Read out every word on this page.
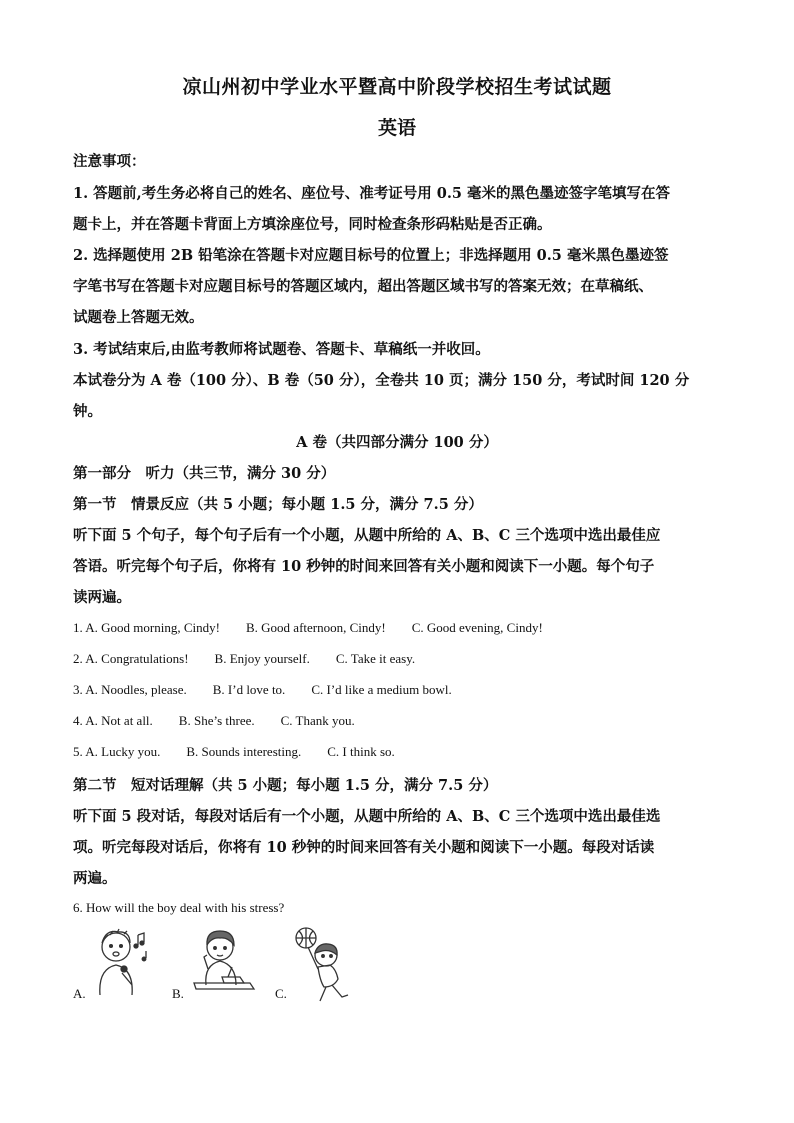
凉山州初中学业水平暨高中阶段学校招生考试试题
英语
注意事项：
1. 答题前,考生务必将自己的姓名、座位号、准考证号用 0.5 毫米的黑色墨迹签字笔填写在答
题卡上，并在答题卡背面上方填涂座位号，同时检查条形码粘贴是否正确。
2. 选择题使用 2B 铅笔涂在答题卡对应题目标号的位置上；非选择题用 0.5 毫米黑色墨迹签
字笔书写在答题卡对应题目标号的答题区域内，超出答题区域书写的答案无效；在草稿纸、
试题卷上答题无效。
3. 考试结束后,由监考教师将试题卷、答题卡、草稿纸一并收回。
本试卷分为 A 卷（100 分）、B 卷（50 分），全卷共 10 页；满分 150 分，考试时间 120 分
钟。
A 卷（共四部分满分 100 分）
第一部分　听力（共三节，满分 30 分）
第一节　情景反应（共 5 小题；每小题 1.5 分，满分 7.5 分）
听下面 5 个句子，每个句子后有一个小题，从题中所给的 A、B、C 三个选项中选出最佳应
答语。听完每个句子后，你将有 10 秒钟的时间来回答有关小题和阅读下一小题。每个句子
读两遍。
1. A. Good morning, Cindy! B. Good afternoon, Cindy! C. Good evening, Cindy!
2. A. Congratulations! B. Enjoy yourself. C. Take it easy.
3. A. Noodles, please. B. I’d love to. C. I’d like a medium bowl.
4. A. Not at all. B. She’s three. C. Thank you.
5. A. Lucky you. B. Sounds interesting. C. I think so.
第二节　短对话理解（共 5 小题；每小题 1.5 分，满分 7.5 分）
听下面 5 段对话，每段对话后有一个小题，从题中所给的 A、B、C 三个选项中选出最佳选
项。听完每段对话后，你将有 10 秒钟的时间来回答有关小题和阅读下一小题。每段对话读
两遍。
6. How will the boy deal with his stress?
A.	B.	C.
